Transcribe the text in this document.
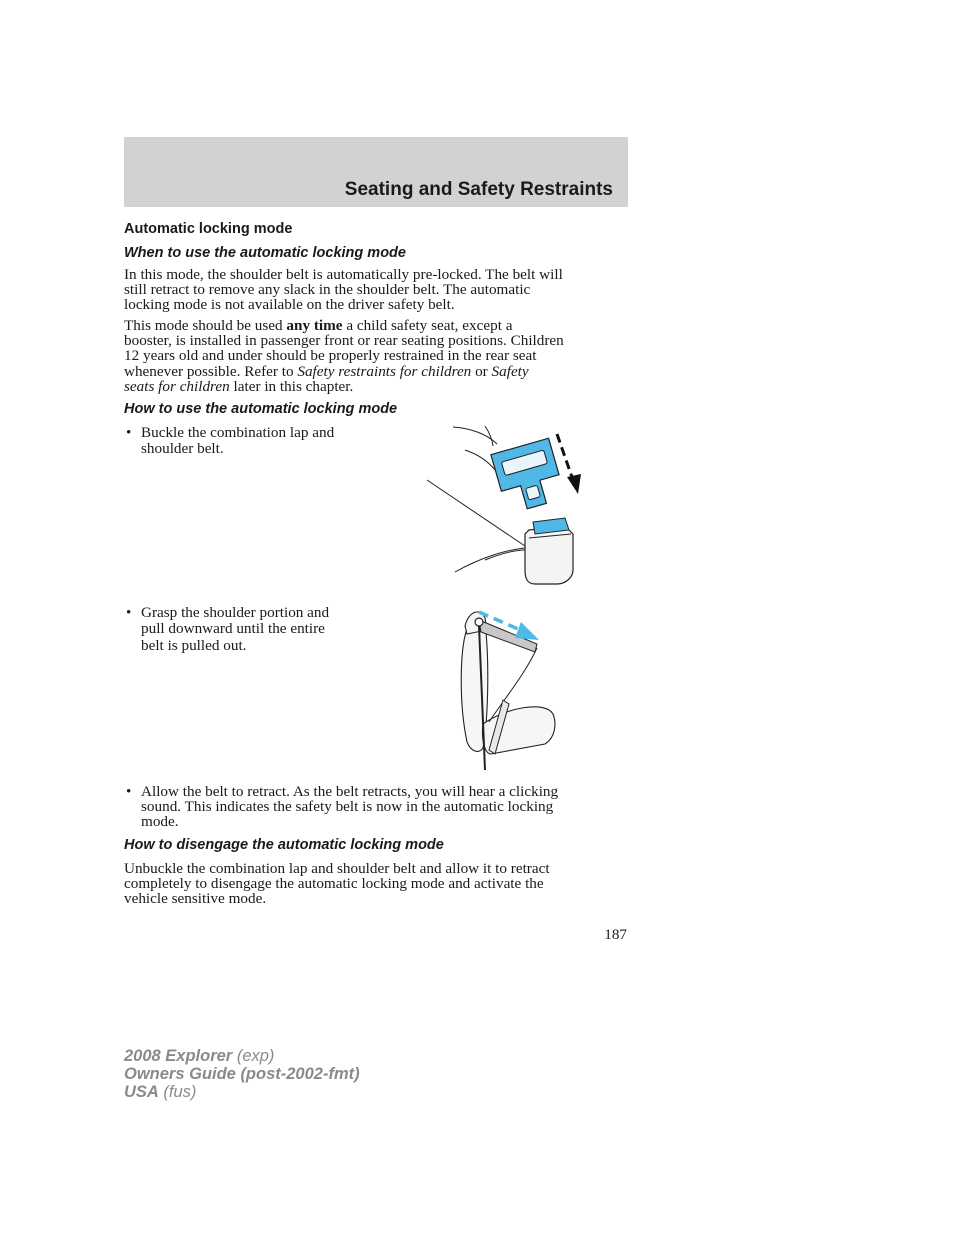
Seating and Safety Restraints
Automatic locking mode
When to use the automatic locking mode
In this mode, the shoulder belt is automatically pre-locked. The belt will
still retract to remove any slack in the shoulder belt. The automatic
locking mode is not available on the driver safety belt.
This mode should be used any time a child safety seat, except a
booster, is installed in passenger front or rear seating positions. Children
12 years old and under should be properly restrained in the rear seat
whenever possible. Refer to Safety restraints for children or Safety
seats for children later in this chapter.
How to use the automatic locking mode
• Buckle the combination lap and
shoulder belt.
• Grasp the shoulder portion and
pull downward until the entire
belt is pulled out.
• Allow the belt to retract. As the belt retracts, you will hear a clicking
sound. This indicates the safety belt is now in the automatic locking
mode.
How to disengage the automatic locking mode
Unbuckle the combination lap and shoulder belt and allow it to retract
completely to disengage the automatic locking mode and activate the
vehicle sensitive mode.
187
2008 Explorer (exp)
Owners Guide (post-2002-fmt)
USA (fus)
